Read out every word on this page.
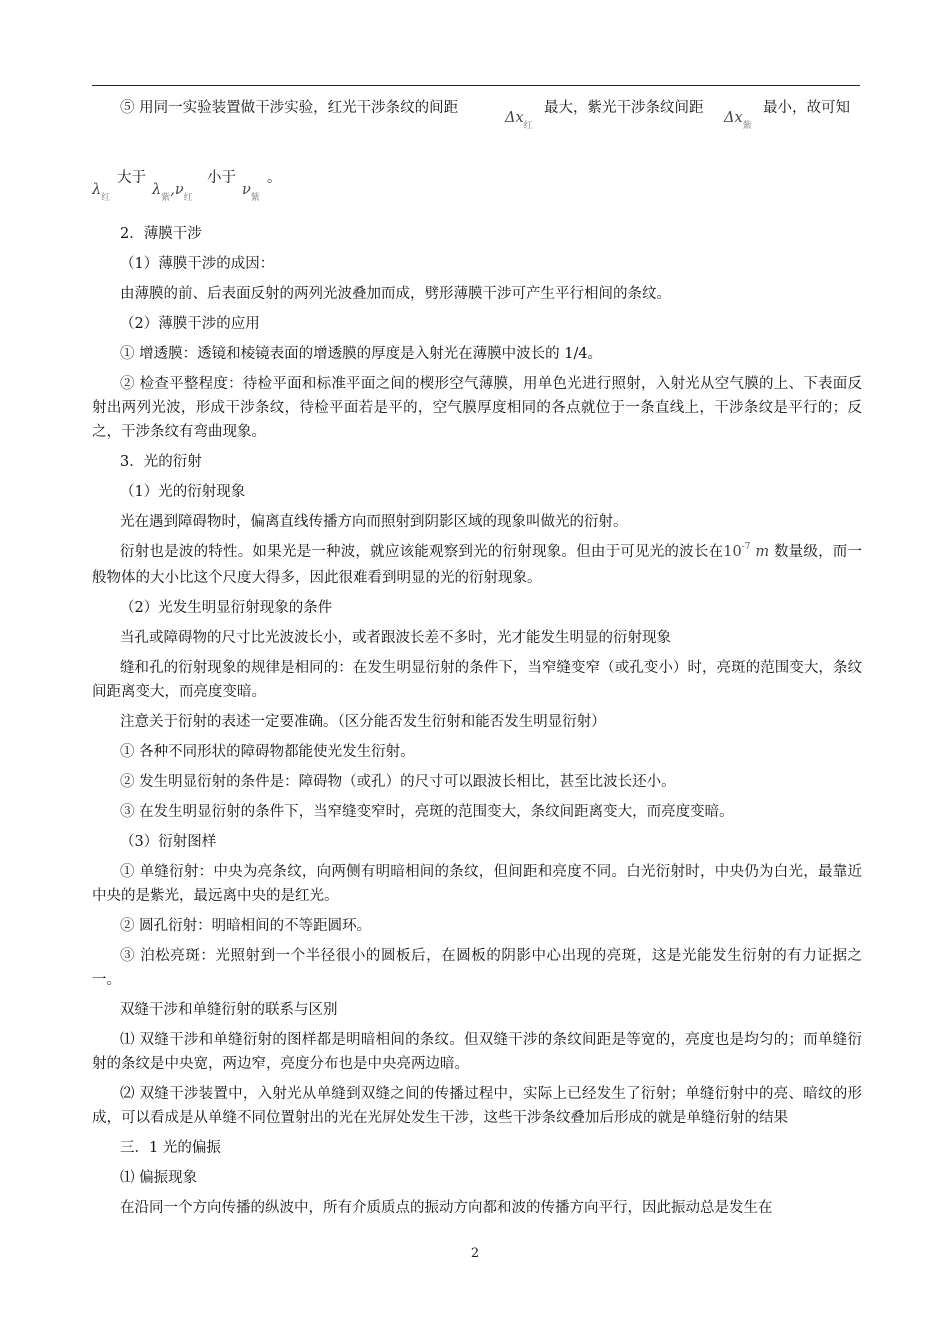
⑤ 用同一实验装置做干涉实验，红光干涉条纹的间距
$\Delta x_红$
最大，紫光干涉条纹间距
$\Delta x_紫$
最小，故可知
$\lambda_红$
大于
$\lambda_紫,\nu_红$
小于
$\nu_紫$
。

2．薄膜干涉

（1）薄膜干涉的成因：

由薄膜的前、后表面反射的两列光波叠加而成，劈形薄膜干涉可产生平行相间的条纹。

（2）薄膜干涉的应用

① 增透膜：透镜和棱镜表面的增透膜的厚度是入射光在薄膜中波长的 1/4。

② 检查平整程度：待检平面和标准平面之间的楔形空气薄膜，用单色光进行照射，入射光从空气膜的上、下表面反射出两列光波，形成干涉条纹，待检平面若是平的，空气膜厚度相同的各点就位于一条直线上，干涉条纹是平行的；反之，干涉条纹有弯曲现象。

3．光的衍射

（1）光的衍射现象

光在遇到障碍物时，偏离直线传播方向而照射到阴影区域的现象叫做光的衍射。

衍射也是波的特性。如果光是一种波，就应该能观察到光的衍射现象。但由于可见光的波长在$10^{-7}$ m 数量级，而一般物体的大小比这个尺度大得多，因此很难看到明显的光的衍射现象。

（2）光发生明显衍射现象的条件

当孔或障碍物的尺寸比光波波长小，或者跟波长差不多时，光才能发生明显的衍射现象

缝和孔的衍射现象的规律是相同的：在发生明显衍射的条件下，当窄缝变窄（或孔变小）时，亮斑的范围变大，条纹间距离变大，而亮度变暗。

注意关于衍射的表述一定要准确。（区分能否发生衍射和能否发生明显衍射）

① 各种不同形状的障碍物都能使光发生衍射。

② 发生明显衍射的条件是：障碍物（或孔）的尺寸可以跟波长相比，甚至比波长还小。

③ 在发生明显衍射的条件下，当窄缝变窄时，亮斑的范围变大，条纹间距离变大，而亮度变暗。

（3）衍射图样

① 单缝衍射：中央为亮条纹，向两侧有明暗相间的条纹，但间距和亮度不同。白光衍射时，中央仍为白光，最靠近中央的是紫光，最远离中央的是红光。

② 圆孔衍射：明暗相间的不等距圆环。

③ 泊松亮斑：光照射到一个半径很小的圆板后，在圆板的阴影中心出现的亮斑，这是光能发生衍射的有力证据之一。

双缝干涉和单缝衍射的联系与区别

⑴ 双缝干涉和单缝衍射的图样都是明暗相间的条纹。但双缝干涉的条纹间距是等宽的，亮度也是均匀的；而单缝衍射的条纹是中央宽，两边窄，亮度分布也是中央亮两边暗。

⑵ 双缝干涉装置中，入射光从单缝到双缝之间的传播过程中，实际上已经发生了衍射；单缝衍射中的亮、暗纹的形成，可以看成是从单缝不同位置射出的光在光屏处发生干涉，这些干涉条纹叠加后形成的就是单缝衍射的结果

三．1 光的偏振

⑴ 偏振现象

在沿同一个方向传播的纵波中，所有介质质点的振动方向都和波的传播方向平行，因此振动总是发生在

2
